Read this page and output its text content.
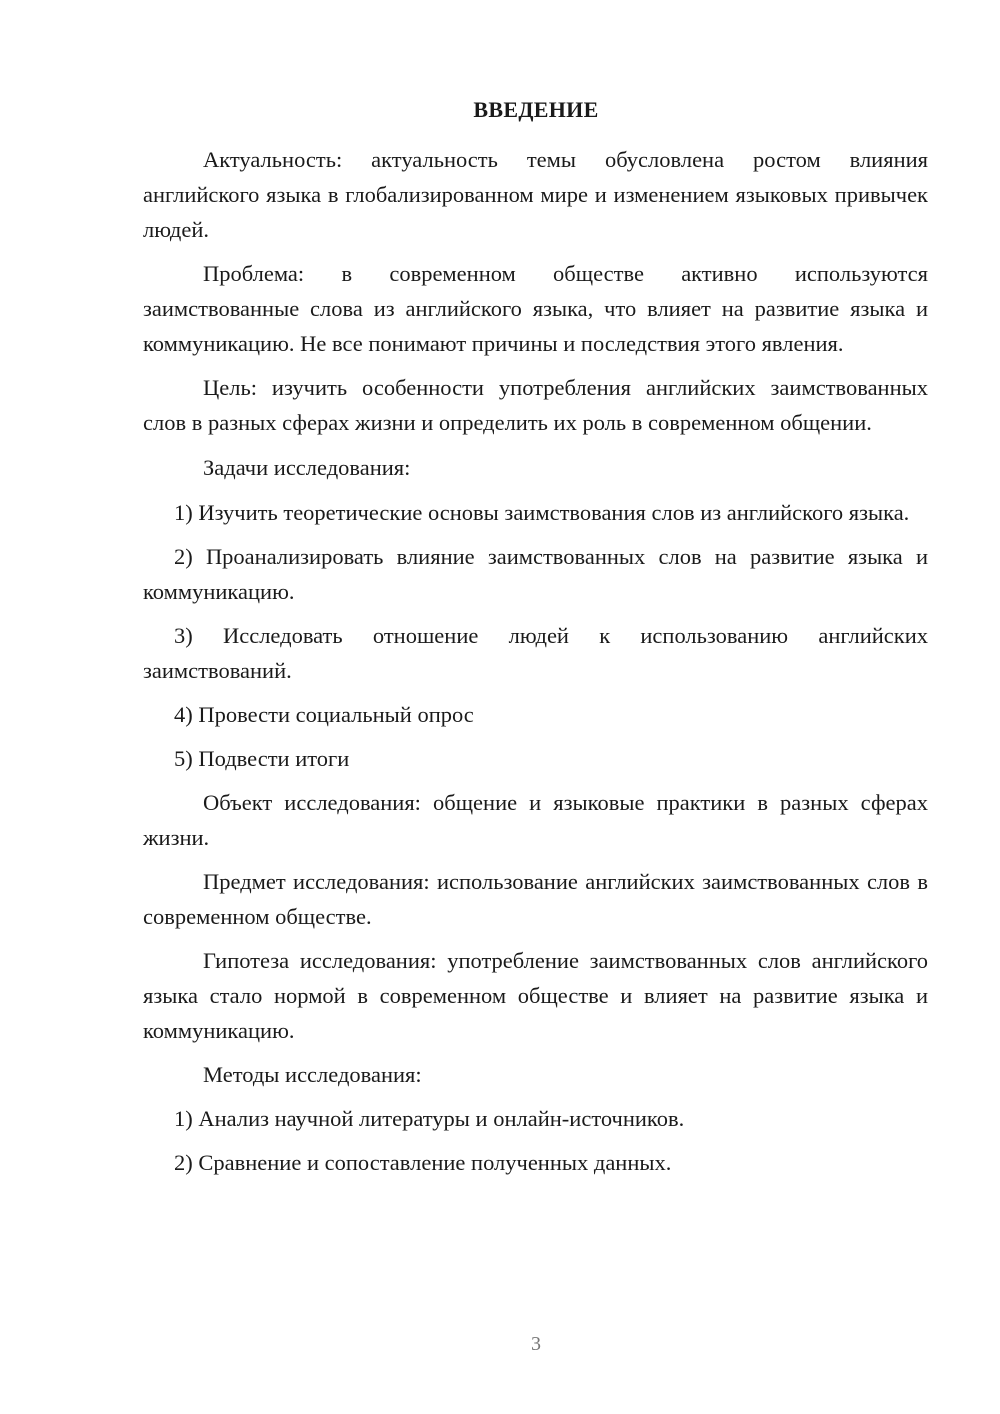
ВВЕДЕНИЕ

Актуальность: актуальность темы обусловлена ростом влияния английского языка в глобализированном мире и изменением языковых привычек людей.

Проблема: в современном обществе активно используются заимствованные слова из английского языка, что влияет на развитие языка и коммуникацию. Не все понимают причины и последствия этого явления.

Цель: изучить особенности употребления английских заимствованных слов в разных сферах жизни и определить их роль в современном общении.

Задачи исследования:

1) Изучить теоретические основы заимствования слов из английского языка.

2) Проанализировать влияние заимствованных слов на развитие языка и коммуникацию.

3) Исследовать отношение людей к использованию английских заимствований.

4) Провести социальный опрос

5) Подвести итоги

Объект исследования: общение и языковые практики в разных сферах жизни.

Предмет исследования: использование английских заимствованных слов в современном обществе.

Гипотеза исследования: употребление заимствованных слов английского языка стало нормой в современном обществе и влияет на развитие языка и коммуникацию.

Методы исследования:

1) Анализ научной литературы и онлайн-источников.

2) Сравнение и сопоставление полученных данных.

3
